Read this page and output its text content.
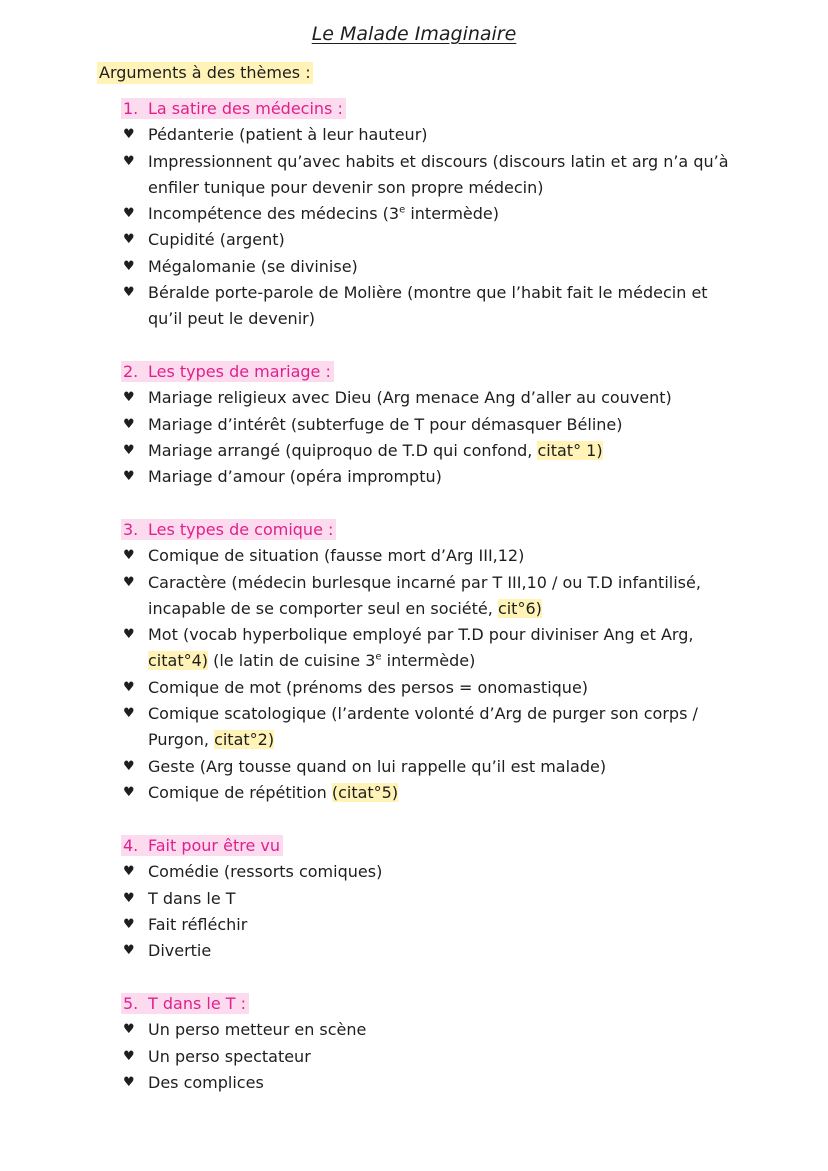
Le Malade Imaginaire
Arguments à des thèmes :
1. La satire des médecins :
♥ Pédanterie (patient à leur hauteur)
♥ Impressionnent qu’avec habits et discours (discours latin et arg n’a qu’à
enfiler tunique pour devenir son propre médecin)
♥ Incompétence des médecins (3e intermède)
♥ Cupidité (argent)
♥ Mégalomanie (se divinise)
♥ Béralde porte-parole de Molière (montre que l’habit fait le médecin et
qu’il peut le devenir)
2. Les types de mariage :
♥ Mariage religieux avec Dieu (Arg menace Ang d’aller au couvent)
♥ Mariage d’intérêt (subterfuge de T pour démasquer Béline)
♥ Mariage arrangé (quiproquo de T.D qui confond, citat° 1)
♥ Mariage d’amour (opéra impromptu)
3. Les types de comique :
♥ Comique de situation (fausse mort d’Arg III,12)
♥ Caractère (médecin burlesque incarné par T III,10 / ou T.D infantilisé,
incapable de se comporter seul en société, cit°6)
♥ Mot (vocab hyperbolique employé par T.D pour diviniser Ang et Arg,
citat°4) (le latin de cuisine 3e intermède)
♥ Comique de mot (prénoms des persos = onomastique)
♥ Comique scatologique (l’ardente volonté d’Arg de purger son corps /
Purgon, citat°2)
♥ Geste (Arg tousse quand on lui rappelle qu’il est malade)
♥ Comique de répétition (citat°5)
4. Fait pour être vu
♥ Comédie (ressorts comiques)
♥ T dans le T
♥ Fait réfléchir
♥ Divertie
5. T dans le T :
♥ Un perso metteur en scène
♥ Un perso spectateur
♥ Des complices
